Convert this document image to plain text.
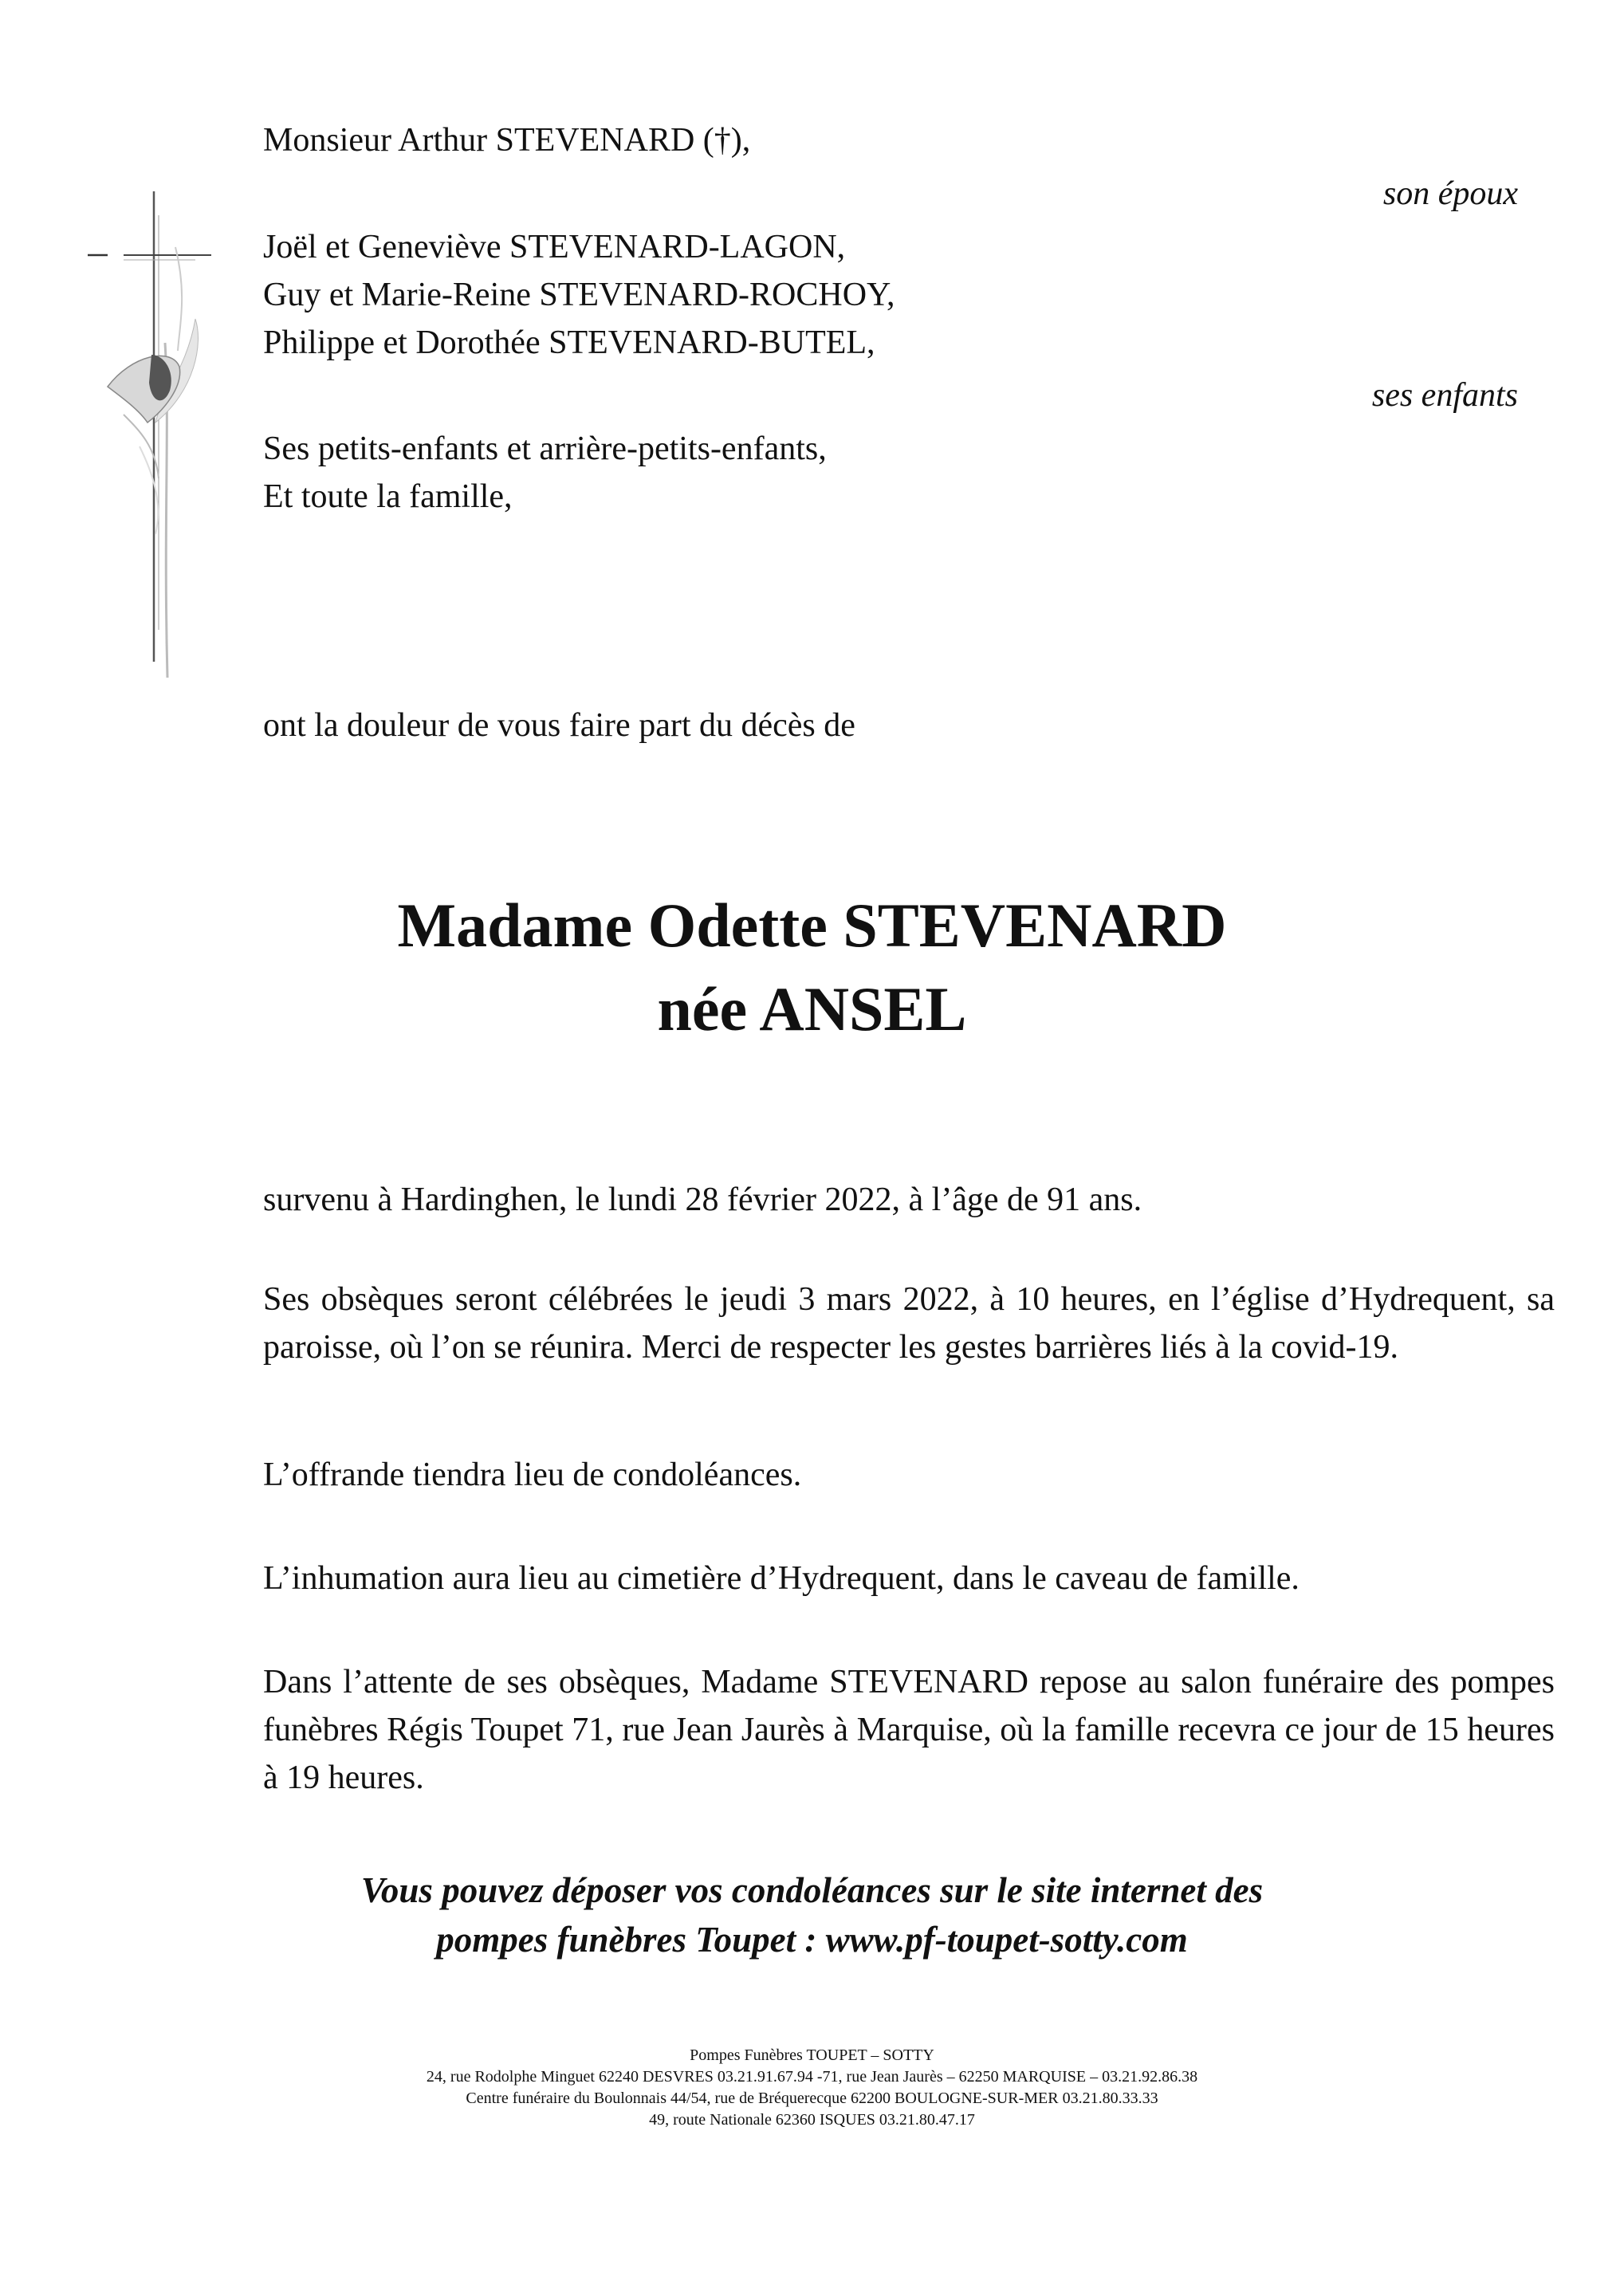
Monsieur Arthur STEVENARD (†),
son époux
Joël et Geneviève STEVENARD-LAGON,
Guy et Marie-Reine STEVENARD-ROCHOY,
Philippe et Dorothée STEVENARD-BUTEL,
ses enfants
Ses petits-enfants et arrière-petits-enfants,
Et toute la famille,
ont la douleur de vous faire part du décès de
Madame Odette STEVENARD
née ANSEL
survenu à Hardinghen, le lundi 28 février 2022, à l’âge de 91 ans.
Ses obsèques seront célébrées le jeudi 3 mars 2022, à 10 heures, en l’église d’Hydrequent, sa paroisse, où l’on se réunira. Merci de respecter les gestes barrières liés à la covid-19.
L’offrande tiendra lieu de condoléances.
L’inhumation aura lieu au cimetière d’Hydrequent, dans le caveau de famille.
Dans l’attente de ses obsèques, Madame STEVENARD repose au salon funéraire des pompes funèbres Régis Toupet 71, rue Jean Jaurès à Marquise, où la famille recevra ce jour de 15 heures à 19 heures.
Vous pouvez déposer vos condoléances sur le site internet des
pompes funèbres Toupet : www.pf-toupet-sotty.com
Pompes Funèbres TOUPET – SOTTY
24, rue Rodolphe Minguet 62240 DESVRES 03.21.91.67.94 -71, rue Jean Jaurès – 62250 MARQUISE – 03.21.92.86.38
Centre funéraire du Boulonnais 44/54, rue de Bréquerecque 62200 BOULOGNE-SUR-MER 03.21.80.33.33
49, route Nationale 62360 ISQUES 03.21.80.47.17
